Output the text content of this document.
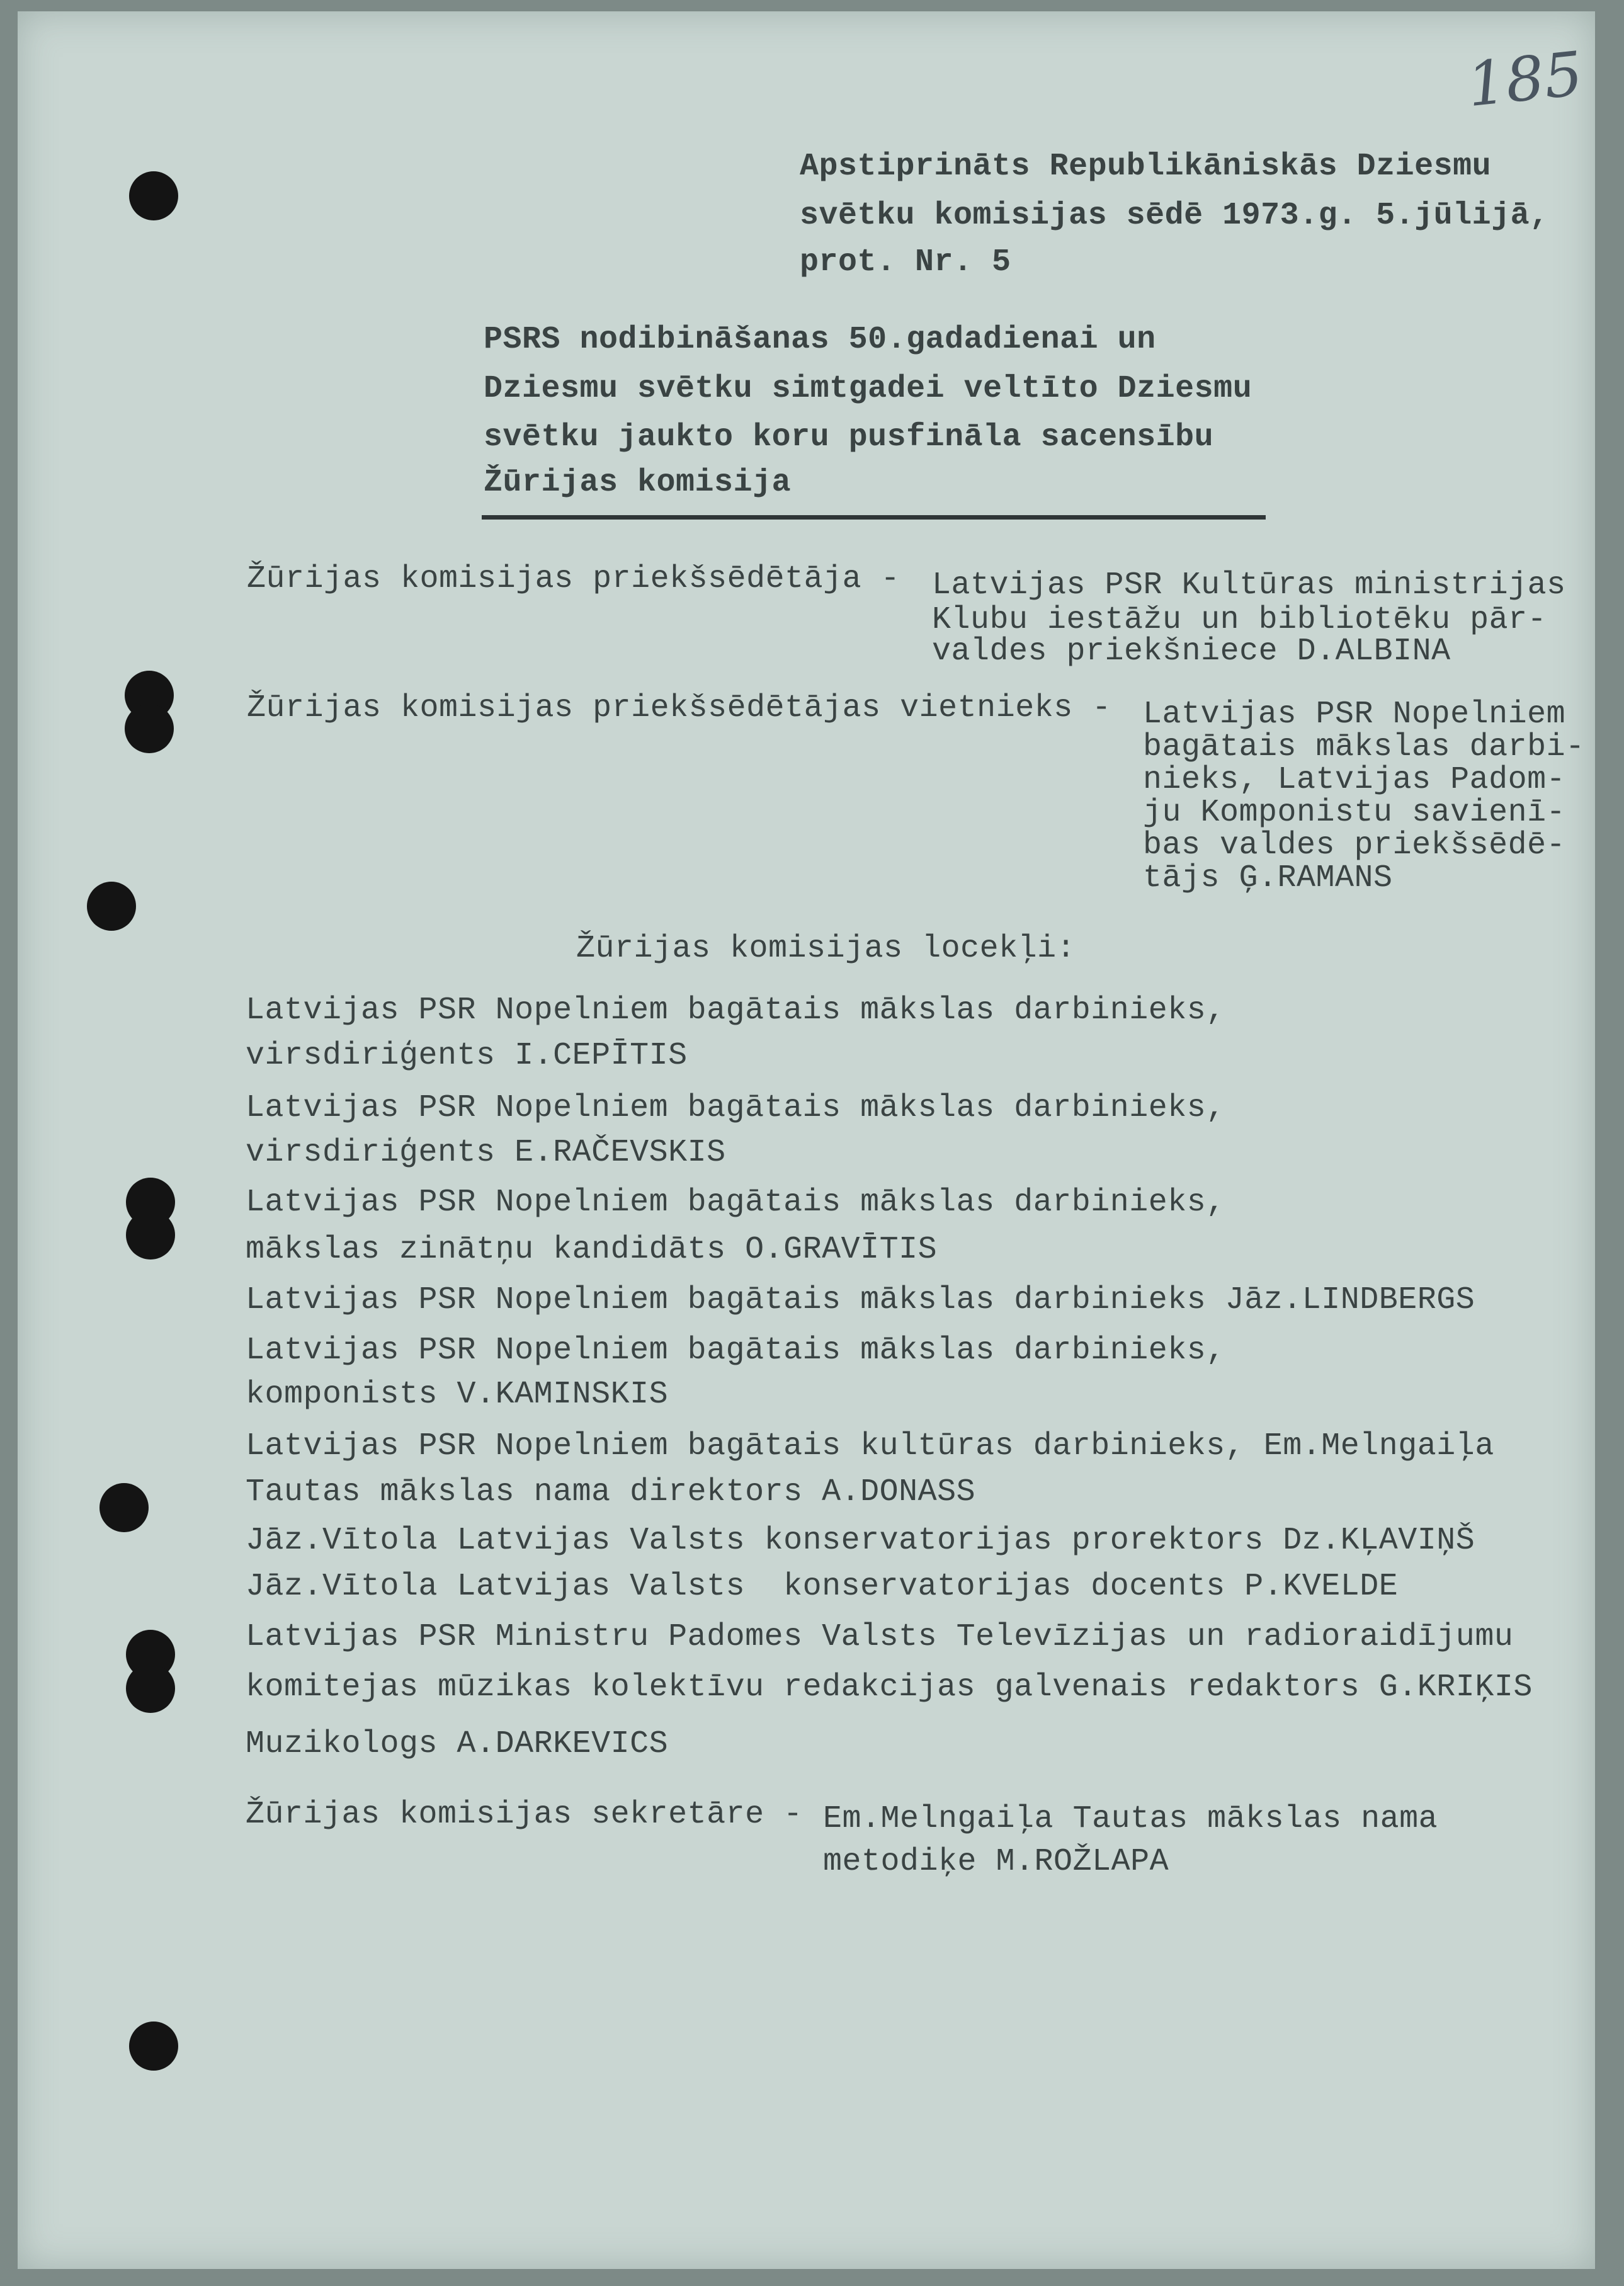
185

Apstiprināts Republikāniskās Dziesmu

svētku komisijas sēdē 1973.g. 5.jūlijā,

prot. Nr. 5

PSRS nodibināšanas 50.gadadienai un

Dziesmu svētku simtgadei veltīto Dziesmu

svētku jaukto koru pusfināla sacensību

Žūrijas komisija

Žūrijas komisijas priekšsēdētāja - Latvijas PSR Kultūras ministrijas

Klubu iestāžu un bibliotēku pār-

valdes priekšniece D.ALBINA

Žūrijas komisijas priekšsēdētājas vietnieks - Latvijas PSR Nopelniem

bagātais mākslas darbi-

nieks, Latvijas Padom-

ju Komponistu savienī-

bas valdes priekšsēdē-

tājs Ģ.RAMANS

Žūrijas komisijas locekļi:

Latvijas PSR Nopelniem bagātais mākslas darbinieks,

virsdiriģents I.CEPĪTIS

Latvijas PSR Nopelniem bagātais mākslas darbinieks,

virsdiriģents E.RAČEVSKIS

Latvijas PSR Nopelniem bagātais mākslas darbinieks,

mākslas zinātņu kandidāts O.GRAVĪTIS

Latvijas PSR Nopelniem bagātais mākslas darbinieks Jāz.LINDBERGS

Latvijas PSR Nopelniem bagātais mākslas darbinieks,

komponists V.KAMINSKIS

Latvijas PSR Nopelniem bagātais kultūras darbinieks, Em.Melngaiļa

Tautas mākslas nama direktors A.DONASS

Jāz.Vītola Latvijas Valsts konservatorijas prorektors Dz.KĻAVIŅŠ

Jāz.Vītola Latvijas Valsts  konservatorijas docents P.KVELDE

Latvijas PSR Ministru Padomes Valsts Televīzijas un radioraidījumu

komitejas mūzikas kolektīvu redakcijas galvenais redaktors G.KRIĶIS

Muzikologs A.DARKEVICS

Žūrijas komisijas sekretāre - Em.Melngaiļa Tautas mākslas nama

metodiķe M.ROŽLAPA
